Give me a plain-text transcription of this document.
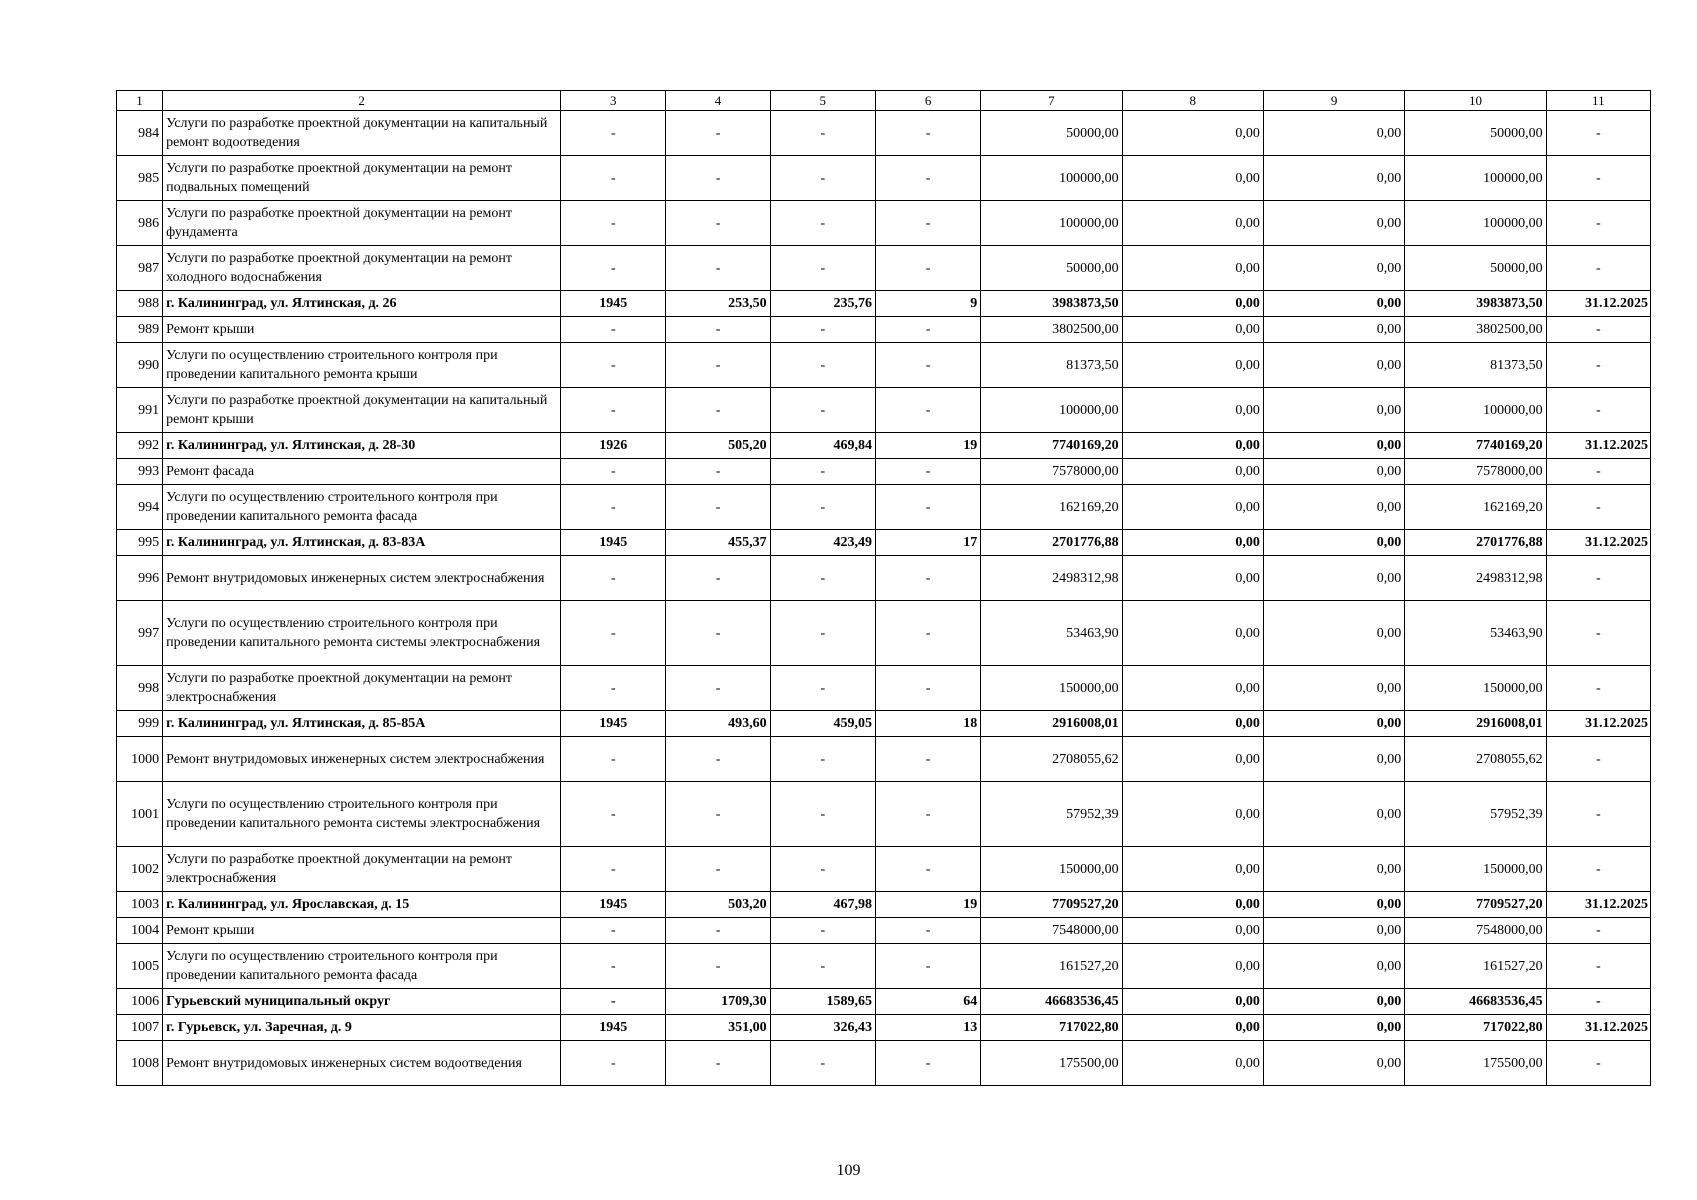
1	2	3	4	5	6	7	8	9	10	11
984	Услуги по разработке проектной документации на капитальный ремонт водоотведения	-	-	-	-	50000,00	0,00	0,00	50000,00	-
985	Услуги по разработке проектной документации на ремонт подвальных помещений	-	-	-	-	100000,00	0,00	0,00	100000,00	-
986	Услуги по разработке проектной документации на ремонт фундамента	-	-	-	-	100000,00	0,00	0,00	100000,00	-
987	Услуги по разработке проектной документации на ремонт холодного водоснабжения	-	-	-	-	50000,00	0,00	0,00	50000,00	-
988	г. Калининград, ул. Ялтинская, д. 26	1945	253,50	235,76	9	3983873,50	0,00	0,00	3983873,50	31.12.2025
989	Ремонт крыши	-	-	-	-	3802500,00	0,00	0,00	3802500,00	-
990	Услуги по осуществлению строительного контроля при проведении капитального ремонта крыши	-	-	-	-	81373,50	0,00	0,00	81373,50	-
991	Услуги по разработке проектной документации на капитальный ремонт крыши	-	-	-	-	100000,00	0,00	0,00	100000,00	-
992	г. Калининград, ул. Ялтинская, д. 28-30	1926	505,20	469,84	19	7740169,20	0,00	0,00	7740169,20	31.12.2025
993	Ремонт фасада	-	-	-	-	7578000,00	0,00	0,00	7578000,00	-
994	Услуги по осуществлению строительного контроля при проведении капитального ремонта фасада	-	-	-	-	162169,20	0,00	0,00	162169,20	-
995	г. Калининград, ул. Ялтинская, д. 83-83А	1945	455,37	423,49	17	2701776,88	0,00	0,00	2701776,88	31.12.2025
996	Ремонт внутридомовых инженерных систем электроснабжения	-	-	-	-	2498312,98	0,00	0,00	2498312,98	-
997	Услуги по осуществлению строительного контроля при проведении капитального ремонта системы электроснабжения	-	-	-	-	53463,90	0,00	0,00	53463,90	-
998	Услуги по разработке проектной документации на ремонт электроснабжения	-	-	-	-	150000,00	0,00	0,00	150000,00	-
999	г. Калининград, ул. Ялтинская, д. 85-85А	1945	493,60	459,05	18	2916008,01	0,00	0,00	2916008,01	31.12.2025
1000	Ремонт внутридомовых инженерных систем электроснабжения	-	-	-	-	2708055,62	0,00	0,00	2708055,62	-
1001	Услуги по осуществлению строительного контроля при проведении капитального ремонта системы электроснабжения	-	-	-	-	57952,39	0,00	0,00	57952,39	-
1002	Услуги по разработке проектной документации на ремонт электроснабжения	-	-	-	-	150000,00	0,00	0,00	150000,00	-
1003	г. Калининград, ул. Ярославская, д. 15	1945	503,20	467,98	19	7709527,20	0,00	0,00	7709527,20	31.12.2025
1004	Ремонт крыши	-	-	-	-	7548000,00	0,00	0,00	7548000,00	-
1005	Услуги по осуществлению строительного контроля при проведении капитального ремонта фасада	-	-	-	-	161527,20	0,00	0,00	161527,20	-
1006	Гурьевский муниципальный округ	-	1709,30	1589,65	64	46683536,45	0,00	0,00	46683536,45	-
1007	г. Гурьевск, ул. Заречная, д. 9	1945	351,00	326,43	13	717022,80	0,00	0,00	717022,80	31.12.2025
1008	Ремонт внутридомовых инженерных систем водоотведения	-	-	-	-	175500,00	0,00	0,00	175500,00	-
109
